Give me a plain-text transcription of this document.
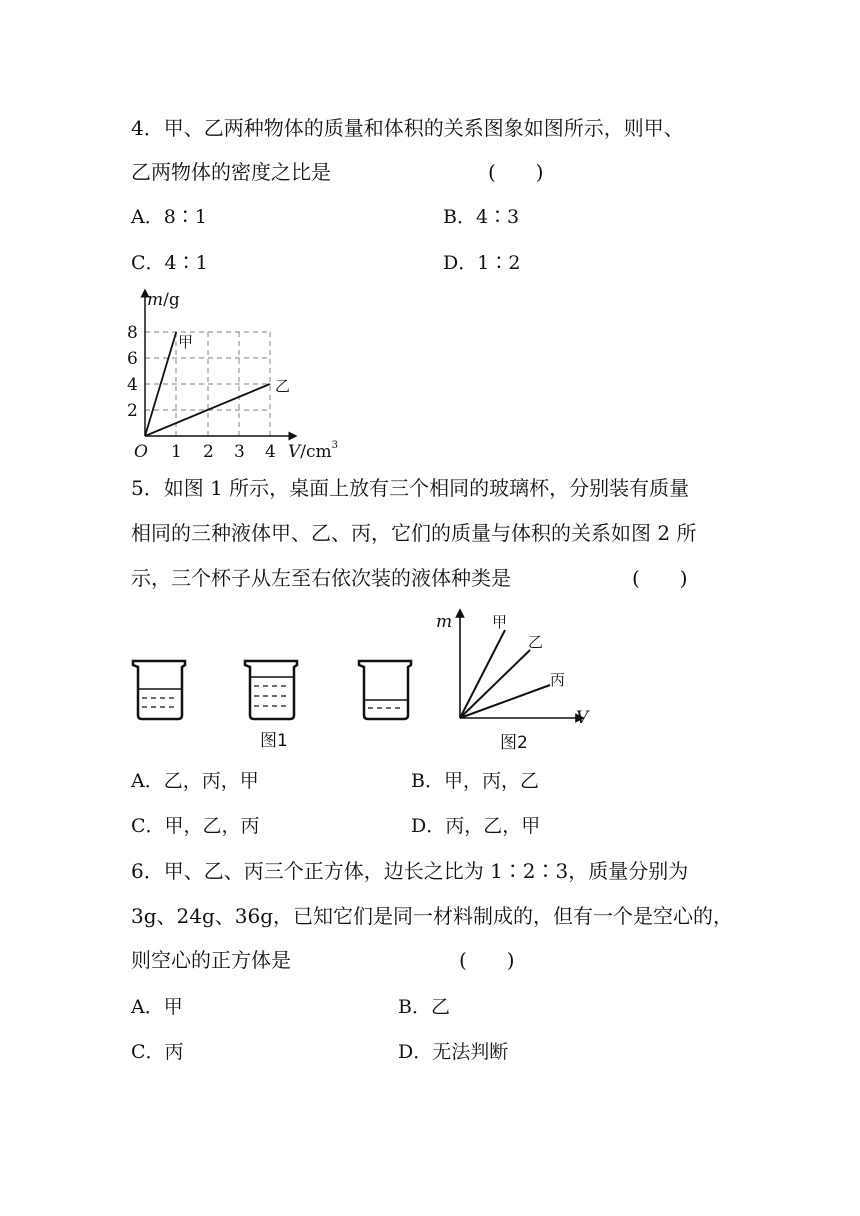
4．甲、乙两种物体的质量和体积的关系图象如图所示，则甲、
乙两物体的密度之比是	(　　)
A．8∶1	B．4∶3
C．4∶1	D．1∶2
m/g
8
6
4
2
O 1 2 3 4 $V/cm^3$
甲
乙
5．如图 1 所示，桌面上放有三个相同的玻璃杯，分别装有质量
相同的三种液体甲、乙、丙，它们的质量与体积的关系如图 2 所
示，三个杯子从左至右依次装的液体种类是	(　　)
图1
m
V
甲
乙
丙
图2
A．乙，丙，甲	B．甲，丙，乙
C．甲，乙，丙	D．丙，乙，甲
6．甲、乙、丙三个正方体，边长之比为 1∶2∶3，质量分别为
3g、24g、36g，已知它们是同一材料制成的，但有一个是空心的，
则空心的正方体是	(　　)
A．甲	B．乙
C．丙	D．无法判断
